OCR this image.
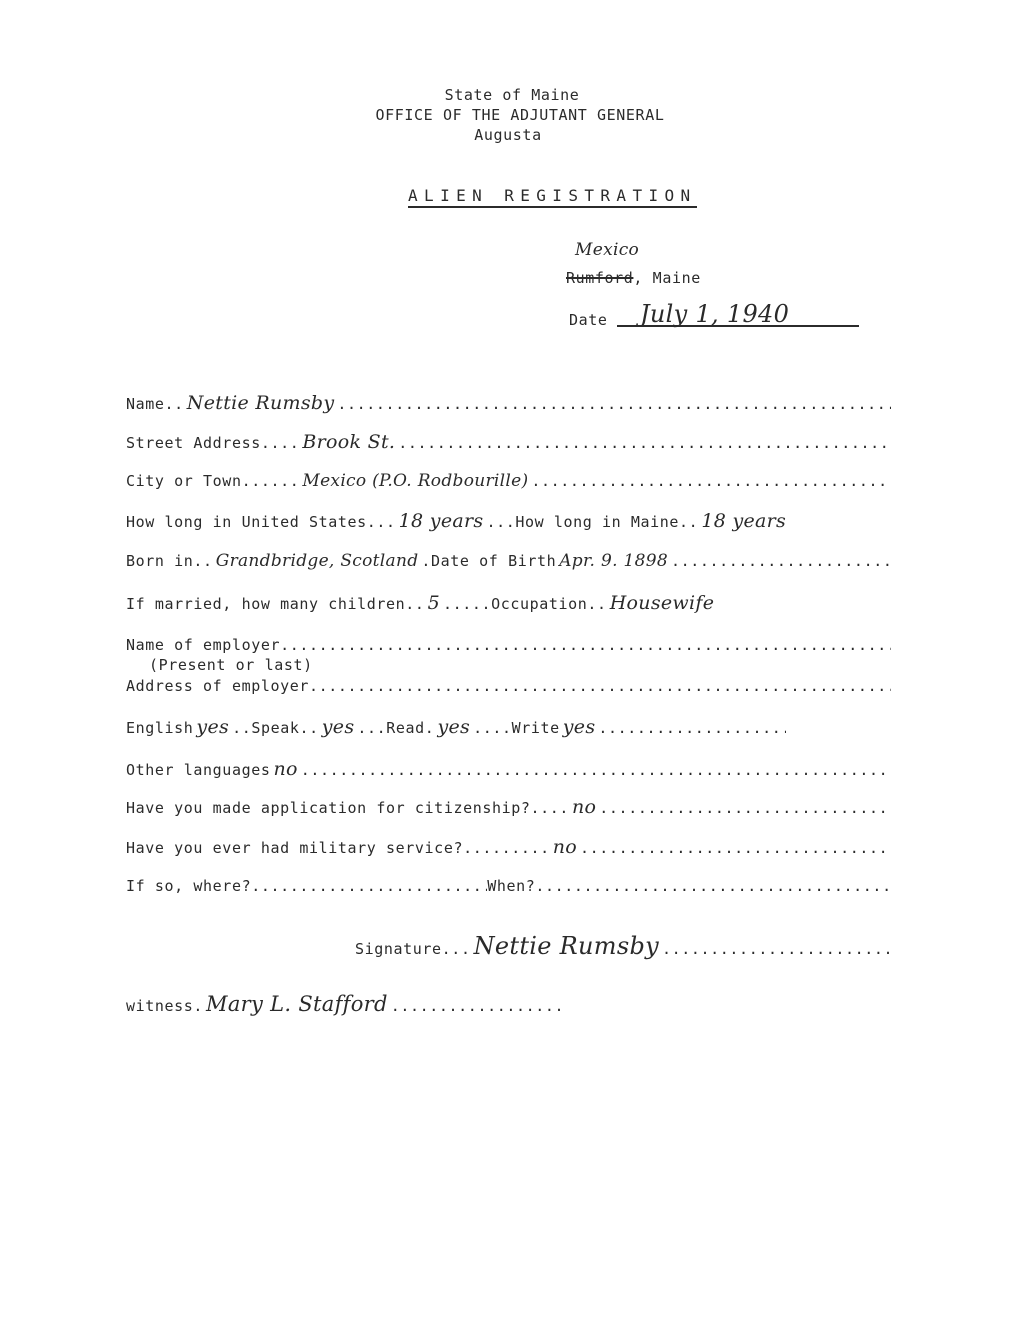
State of Maine
OFFICE OF THE ADJUTANT GENERAL
Augusta
ALIEN REGISTRATION
Mexico
Rumford, Maine
Date July 1, 1940
Name.. Nettie Rumsby
.....
Street Address.... Brook St.
.....
City or Town...... Mexico (P.O. Rodbourille)
.....
How long in United States... 18 years ...How long in Maine.. 18 years
Born in.. Grandbridge, Scotland .Date of Birth Apr. 9. 1898
.....
If married, how many children.. 5 .....Occupation.. Housewife
Name of employer
.....
(Present or last)
Address of employer
.....
English yes ..Speak.. yes ...Read. yes ....Write yes
.....
Other languages no
.....
Have you made application for citizenship?.... no
.....
Have you ever had military service?......... no
.....
If so, where?
.....	When?
.....
Signature... Nettie Rumsby
.....
witness. Mary L. Stafford
.....
